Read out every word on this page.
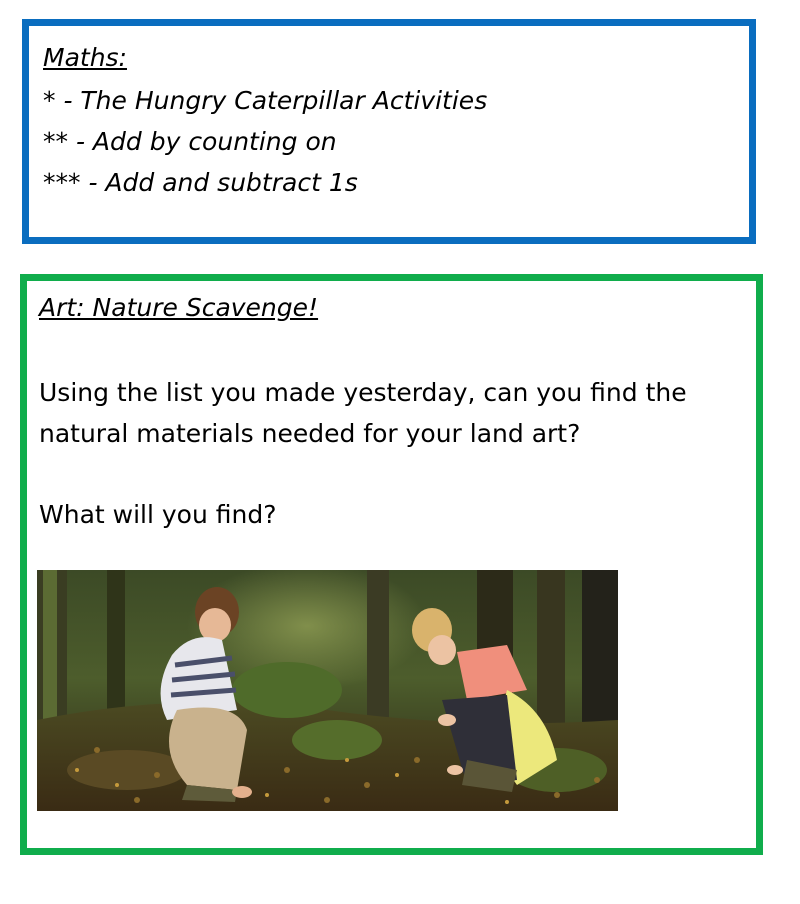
Maths:
* - The Hungry Caterpillar Activities
** - Add by counting on
*** - Add and subtract 1s
Art: Nature Scavenge!
Using the list you made yesterday, can you find the
natural materials needed for your land art?
What will you find?
